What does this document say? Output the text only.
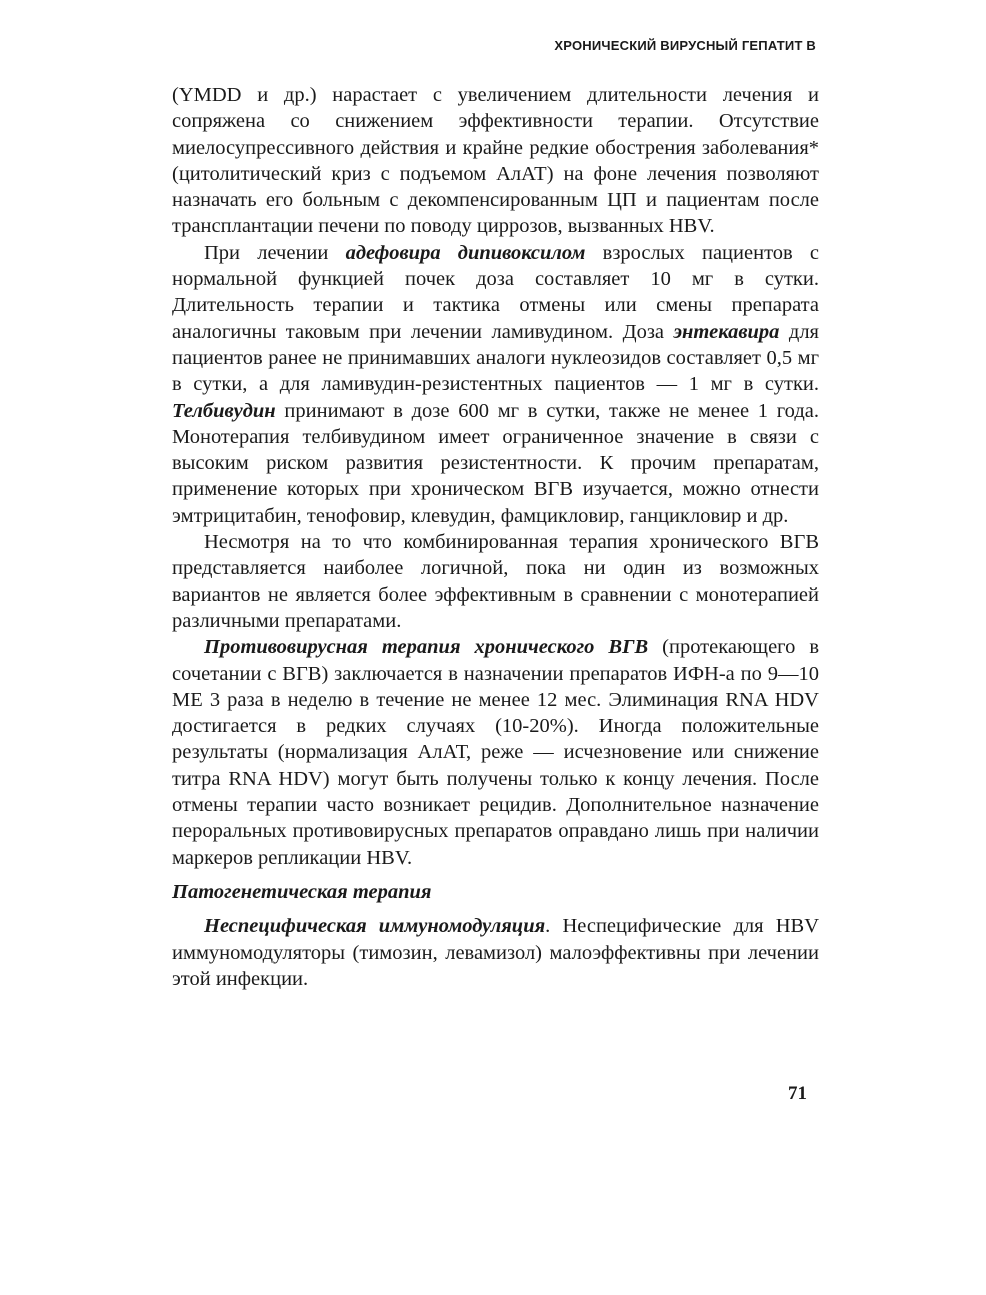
ХРОНИЧЕСКИЙ ВИРУСНЫЙ ГЕПАТИТ В

(YMDD и др.) нарастает с увеличением длительности лечения и сопряжена со снижением эффективности терапии. Отсутствие миелосупрессивного действия и крайне редкие обострения заболевания*(цитолитический криз с подъемом АлАТ) на фоне лечения позволяют назначать его больным с декомпенсированным ЦП и пациентам после трансплантации печени по поводу циррозов, вызванных HBV.

При лечении адефовира дипивоксилом взрослых пациентов с нормальной функцией почек доза составляет 10 мг в сутки. Длительность терапии и тактика отмены или смены препарата аналогичны таковым при лечении ламивудином. Доза энтекавира для пациентов ранее не принимавших аналоги нуклеозидов составляет 0,5 мг в сутки, а для ламивудин-резистентных пациентов — 1 мг в сутки. Телбивудин принимают в дозе 600 мг в сутки, также не менее 1 года. Монотерапия телбивудином имеет ограниченное значение в связи с высоким риском развития резистентности. К прочим препаратам, применение которых при хроническом ВГВ изучается, можно отнести эмтрицитабин, тенофовир, клевудин, фамцикловир, ганцикловир и др.

Несмотря на то что комбинированная терапия хронического ВГВ представляется наиболее логичной, пока ни один из возможных вариантов не является более эффективным в сравнении с монотерапией различными препаратами.

Противовирусная терапия хронического ВГВ (протекающего в сочетании с ВГВ) заключается в назначении препаратов ИФН-а по 9—10 ME 3 раза в неделю в течение не менее 12 мес. Элиминация RNA HDV достигается в редких случаях (10-20%). Иногда положительные результаты (нормализация АлАТ, реже — исчезновение или снижение титра RNA HDV) могут быть получены только к концу лечения. После отмены терапии часто возникает рецидив. Дополнительное назначение пероральных противовирусных препаратов оправдано лишь при наличии маркеров репликации HBV.

Патогенетическая терапия

Неспецифическая иммуномодуляция. Неспецифические для HBV иммуномодуляторы (тимозин, левамизол) малоэффективны при лечении этой инфекции.

71
